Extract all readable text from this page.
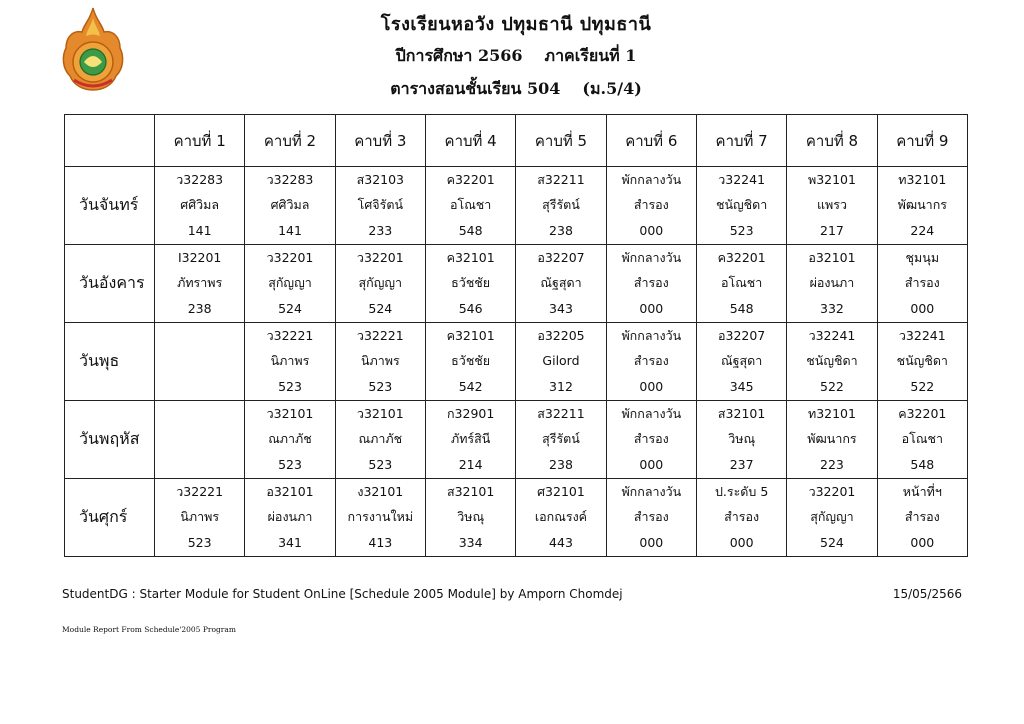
โรงเรียนหอวัง ปทุมธานี ปทุมธานี
ปีการศึกษา 2566 ภาคเรียนที่ 1
ตารางสอนชั้นเรียน 504 (ม.5/4)
	คาบที่ 1	คาบที่ 2	คาบที่ 3	คาบที่ 4	คาบที่ 5	คาบที่ 6	คาบที่ 7	คาบที่ 8	คาบที่ 9
วันจันทร์	ว32283
ศศิวิมล
141	ว32283
ศศิวิมล
141	ส32103
โศจิรัตน์
233	ค32201
อโณชา
548	ส32211
สุรีรัตน์
238	พักกลางวัน
สำรอง
000	ว32241
ชนัญชิดา
523	พ32101
แพรว
217	ท32101
พัฒนากร
224

วันอังคาร	I32201
ภัทราพร
238	ว32201
สุกัญญา
524	ว32201
สุกัญญา
524	ค32101
ธวัชชัย
546	อ32207
ณัฐสุดา
343	พักกลางวัน
สำรอง
000	ค32201
อโณชา
548	อ32101
ผ่องนภา
332	ชุมนุม
สำรอง
000

วันพุธ		ว32221
นิภาพร
523	ว32221
นิภาพร
523	ค32101
ธวัชชัย
542	อ32205
Gilord
312	พักกลางวัน
สำรอง
000	อ32207
ณัฐสุดา
345	ว32241
ชนัญชิดา
522	ว32241
ชนัญชิดา
522

วันพฤหัส		ว32101
ณภาภัช
523	ว32101
ณภาภัช
523	ก32901
ภัทร์สินี
214	ส32211
สุรีรัตน์
238	พักกลางวัน
สำรอง
000	ส32101
วิษณุ
237	ท32101
พัฒนากร
223	ค32201
อโณชา
548

วันศุกร์	ว32221
นิภาพร
523	อ32101
ผ่องนภา
341	ง32101
การงานใหม่
413	ส32101
วิษณุ
334	ศ32101
เอกณรงค์
443	พักกลางวัน
สำรอง
000	ป.ระดับ 5
สำรอง
000	ว32201
สุกัญญา
524	หน้าที่ฯ
สำรอง
000
StudentDG : Starter Module for Student OnLine [Schedule 2005 Module] by Amporn Chomdej	15/05/2566
Module Report From Schedule'2005 Program
